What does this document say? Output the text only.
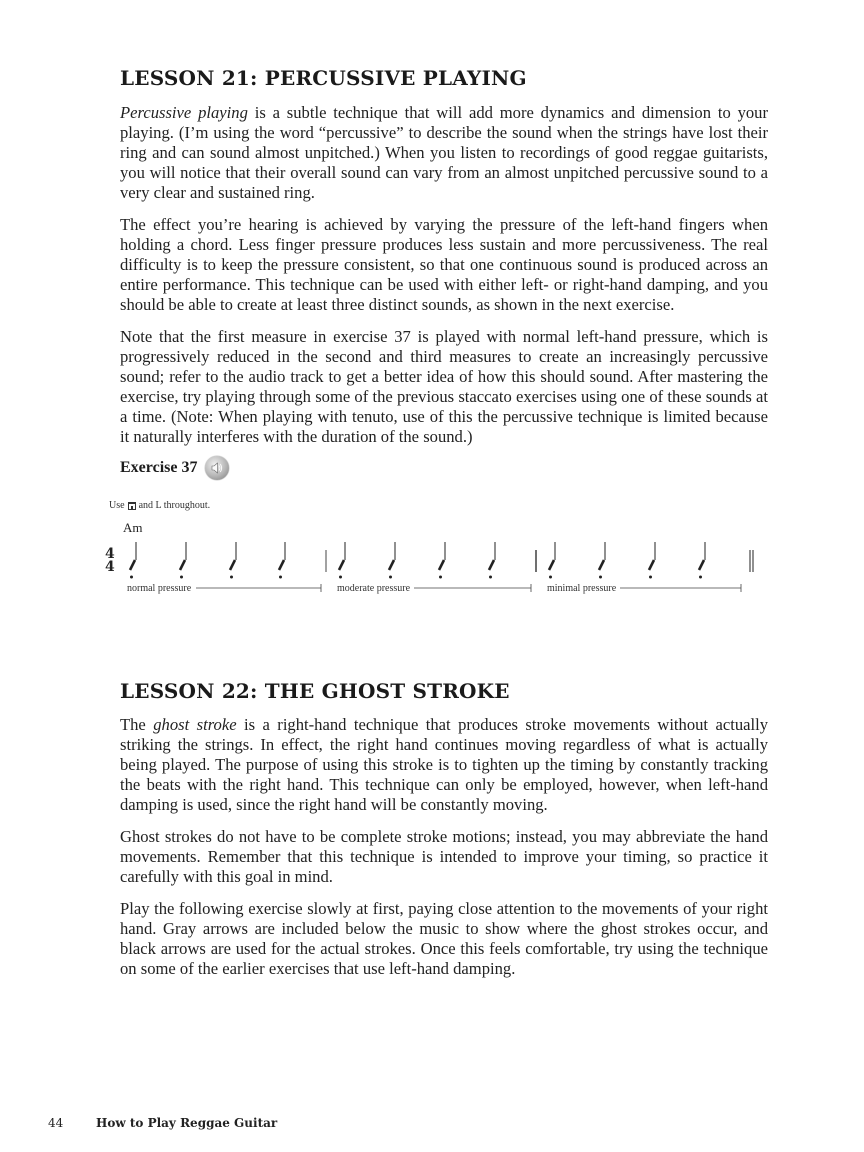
LESSON 21: PERCUSSIVE PLAYING

Percussive playing is a subtle technique that will add more dynamics and dimension to your playing. (I’m using the word “percussive” to describe the sound when the strings have lost their ring and can sound almost unpitched.) When you listen to recordings of good reggae guitarists, you will notice that their overall sound can vary from an almost unpitched percussive sound to a very clear and sustained ring.

The effect you’re hearing is achieved by varying the pressure of the left-hand fingers when holding a chord. Less finger pressure produces less sustain and more percussiveness. The real difficulty is to keep the pressure consistent, so that one continuous sound is produced across an entire performance. This technique can be used with either left- or right-hand damping, and you should be able to create at least three distinct sounds, as shown in the next exercise.

Note that the first measure in exercise 37 is played with normal left-hand pressure, which is progressively reduced in the second and third measures to create an increasingly percussive sound; refer to the audio track to get a better idea of how this should sound. After mastering the exercise, try playing through some of the previous staccato exercises using one of these sounds at a time. (Note: When playing with tenuto, use of this the percussive technique is limited because it naturally interferes with the duration of the sound.)

Exercise 37
Use and L throughout.
Am
4
4
normal pressure	moderate pressure	minimal pressure
LESSON 22: THE GHOST STROKE

The ghost stroke is a right-hand technique that produces stroke movements without actually striking the strings. In effect, the right hand continues moving regardless of what is actually being played. The purpose of using this stroke is to tighten up the timing by constantly tracking the beats with the right hand. This technique can only be employed, however, when left-hand damping is used, since the right hand will be constantly moving.

Ghost strokes do not have to be complete stroke motions; instead, you may abbreviate the hand movements. Remember that this technique is intended to improve your timing, so practice it carefully with this goal in mind.

Play the following exercise slowly at first, paying close attention to the movements of your right hand. Gray arrows are included below the music to show where the ghost strokes occur, and black arrows are used for the actual strokes. Once this feels comfortable, try using the technique on some of the earlier exercises that use left-hand damping.

44	How to Play Reggae Guitar
